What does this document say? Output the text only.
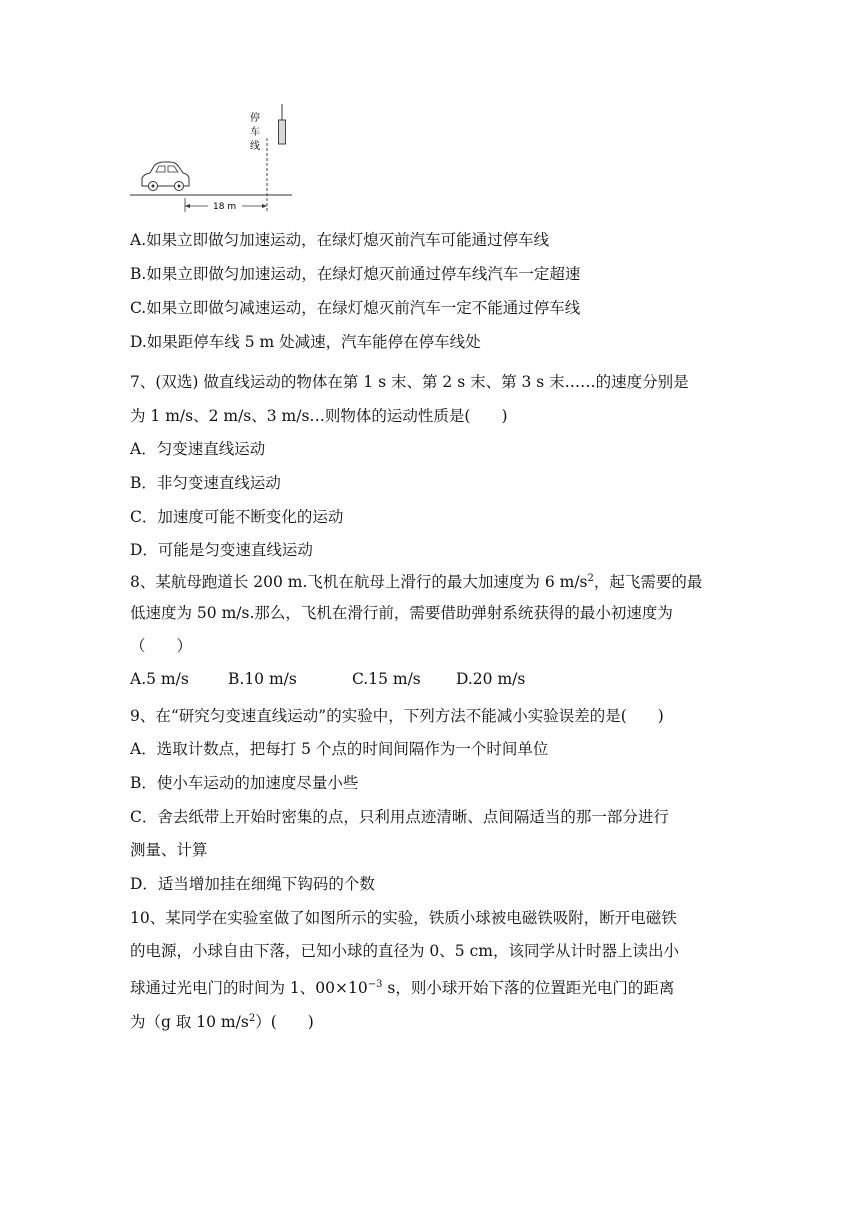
停
车
线
18 m
A.如果立即做匀加速运动，在绿灯熄灭前汽车可能通过停车线
B.如果立即做匀加速运动，在绿灯熄灭前通过停车线汽车一定超速
C.如果立即做匀减速运动，在绿灯熄灭前汽车一定不能通过停车线
D.如果距停车线 5 m 处减速，汽车能停在停车线处
7、(双选) 做直线运动的物体在第 1 s 末、第 2 s 末、第 3 s 末……的速度分别是
为 1 m/s、2 m/s、3 m/s…则物体的运动性质是(　　)
A．匀变速直线运动
B．非匀变速直线运动
C．加速度可能不断变化的运动
D．可能是匀变速直线运动
8、某航母跑道长 200 m.飞机在航母上滑行的最大加速度为 6 $m/s^2$，起飞需要的最
低速度为 50 m/s.那么，飞机在滑行前，需要借助弹射系统获得的最小初速度为
（　　）
A.5 m/s	B.10 m/s	C.15 m/s D.20 m/s
9、在“研究匀变速直线运动”的实验中，下列方法不能减小实验误差的是(　　)
A．选取计数点，把每打 5 个点的时间间隔作为一个时间单位
B．使小车运动的加速度尽量小些
C．舍去纸带上开始时密集的点，只利用点迹清晰、点间隔适当的那一部分进行
测量、计算
D．适当增加挂在细绳下钩码的个数
10、某同学在实验室做了如图所示的实验，铁质小球被电磁铁吸附，断开电磁铁
的电源，小球自由下落，已知小球的直径为 0、5 cm，该同学从计时器上读出小
球通过光电门的时间为 1、$00\times 10^{-3}$ s，则小球开始下落的位置距光电门的距离
为（g 取 10 $m/s^2$）(　　)
